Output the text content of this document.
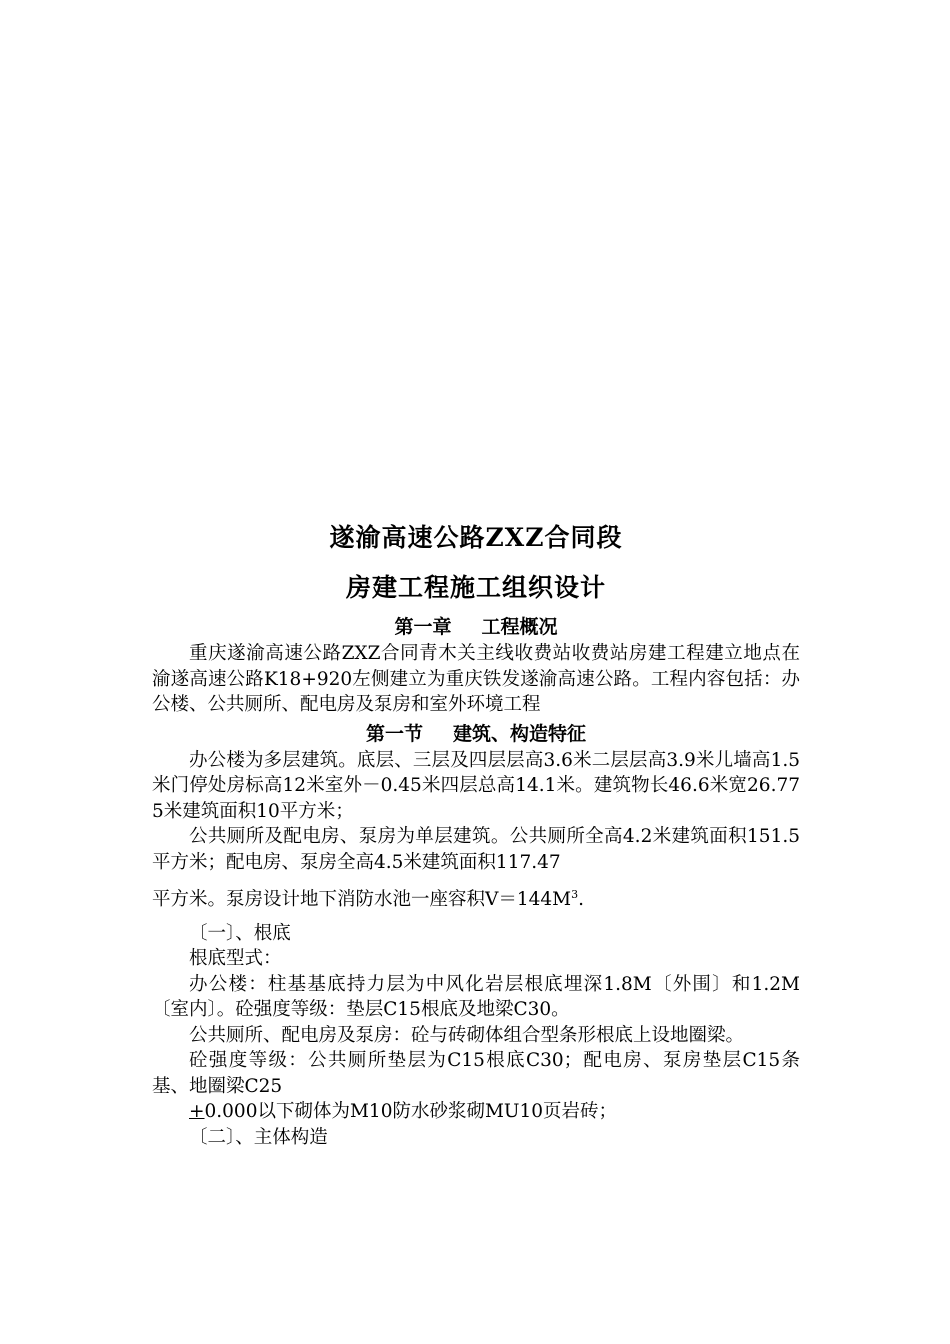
遂渝高速公路ZXZ合同段
房建工程施工组织设计
第一章 工程概况

重庆遂渝高速公路ZXZ合同青木关主线收费站收费站房建工程建立地点在渝遂高速公路K18+920左侧建立为重庆铁发遂渝高速公路。工程内容包括：办公楼、公共厕所、配电房及泵房和室外环境工程

第一节 建筑、构造特征

办公楼为多层建筑。底层、三层及四层层高3.6米二层层高3.9米儿墙高1.5米门停处房标高12米室外－0.45米四层总高14.1米。建筑物长46.6米宽26.775米建筑面积10平方米；

公共厕所及配电房、泵房为单层建筑。公共厕所全高4.2米建筑面积151.5平方米；配电房、泵房全高4.5米建筑面积117.47

平方米。泵房设计地下消防水池一座容积$V=144M^3$.

〔一〕、根底

根底型式：

办公楼：柱基基底持力层为中风化岩层根底埋深1.8M〔外围〕和1.2M〔室内〕。砼强度等级：垫层C15根底及地梁C30。

公共厕所、配电房及泵房：砼与砖砌体组合型条形根底上设地圈梁。

砼强度等级：公共厕所垫层为C15根底C30；配电房、泵房垫层C15条基、地圈梁C25

+0.000以下砌体为M10防水砂浆砌MU10页岩砖；

〔二〕、主体构造
